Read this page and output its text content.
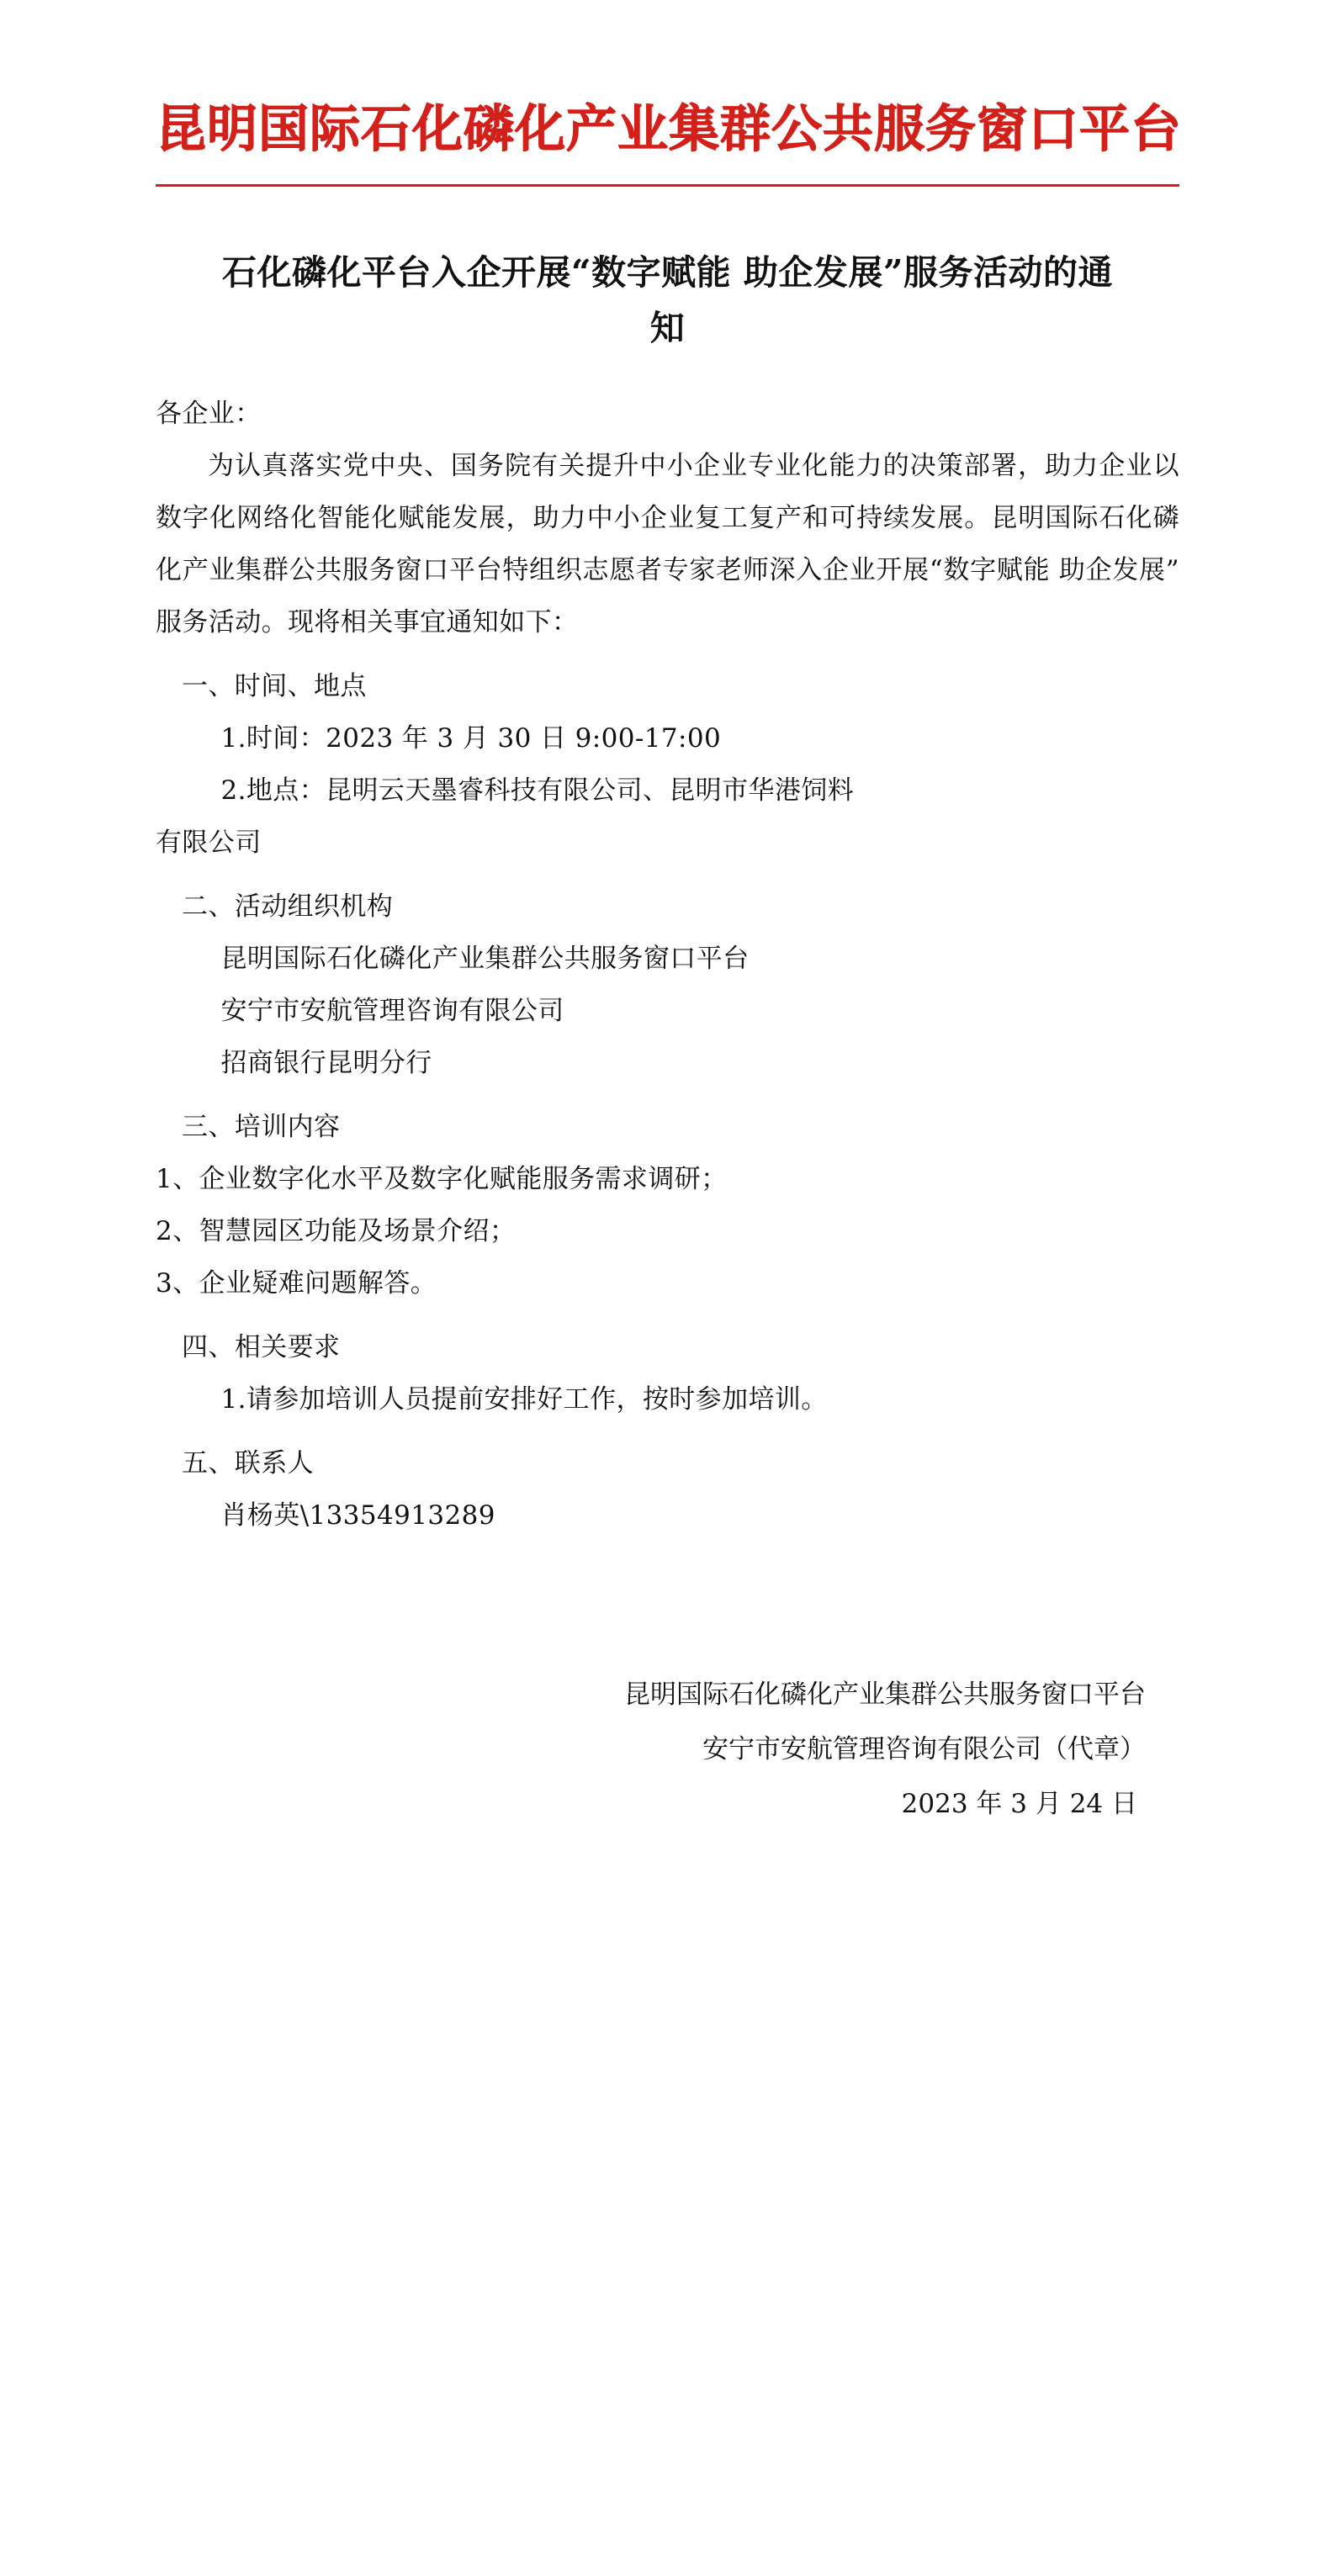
昆明国际石化磷化产业集群公共服务窗口平台
石化磷化平台入企开展“数字赋能 助企发展”服务活动的通知

各企业：

为认真落实党中央、国务院有关提升中小企业专业化能力的决策部署，助力企业以数字化网络化智能化赋能发展，助力中小企业复工复产和可持续发展。昆明国际石化磷化产业集群公共服务窗口平台特组织志愿者专家老师深入企业开展“数字赋能 助企发展”服务活动。现将相关事宜通知如下：

一、时间、地点

1.时间：2023 年 3 月 30 日 9:00-17:00

2.地点：昆明云天墨睿科技有限公司、昆明市华港饲料

有限公司

二、活动组织机构

昆明国际石化磷化产业集群公共服务窗口平台

安宁市安航管理咨询有限公司

招商银行昆明分行

三、培训内容

1、企业数字化水平及数字化赋能服务需求调研；

2、智慧园区功能及场景介绍；

3、企业疑难问题解答。

四、相关要求

1.请参加培训人员提前安排好工作，按时参加培训。

五、联系人

肖杨英\13354913289

昆明国际石化磷化产业集群公共服务窗口平台
安宁市安航管理咨询有限公司（代章）
2023 年 3 月 24 日
